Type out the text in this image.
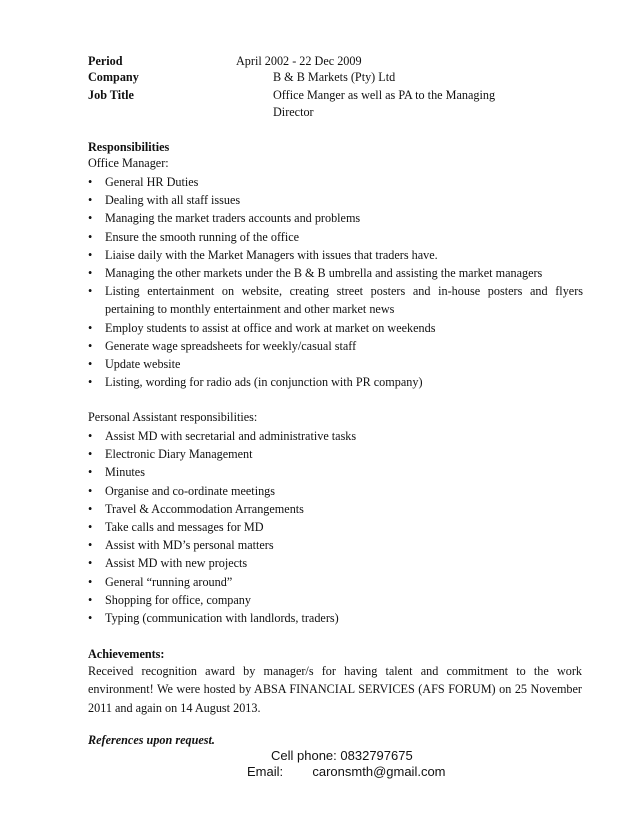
Period	April 2002 - 22 Dec 2009
Company	B & B Markets (Pty) Ltd
Job Title	Office Manger as well as PA to the Managing
Director
Responsibilities
Office Manager:
• General HR Duties
• Dealing with all staff issues
• Managing the market traders accounts and problems
• Ensure the smooth running of the office
• Liaise daily with the Market Managers with issues that traders have.
• Managing the other markets under the B & B umbrella and assisting the market managers
• Listing entertainment on website, creating street posters and in-house posters and flyers pertaining to monthly entertainment and other market news
• Employ students to assist at office and work at market on weekends
• Generate wage spreadsheets for weekly/casual staff
• Update website
• Listing, wording for radio ads (in conjunction with PR company)
Personal Assistant responsibilities:
• Assist MD with secretarial and administrative tasks
• Electronic Diary Management
• Minutes
• Organise and co-ordinate meetings
• Travel & Accommodation Arrangements
• Take calls and messages for MD
• Assist with MD’s personal matters
• Assist MD with new projects
• General “running around”
• Shopping for office, company
• Typing (communication with landlords, traders)
Achievements:
Received recognition award by manager/s for having talent and commitment to the work environment! We were hosted by ABSA FINANCIAL SERVICES (AFS FORUM) on 25 November 2011 and again on 14 August 2013.
References upon request.
Cell phone: 0832797675
Email: caronsmth@gmail.com
